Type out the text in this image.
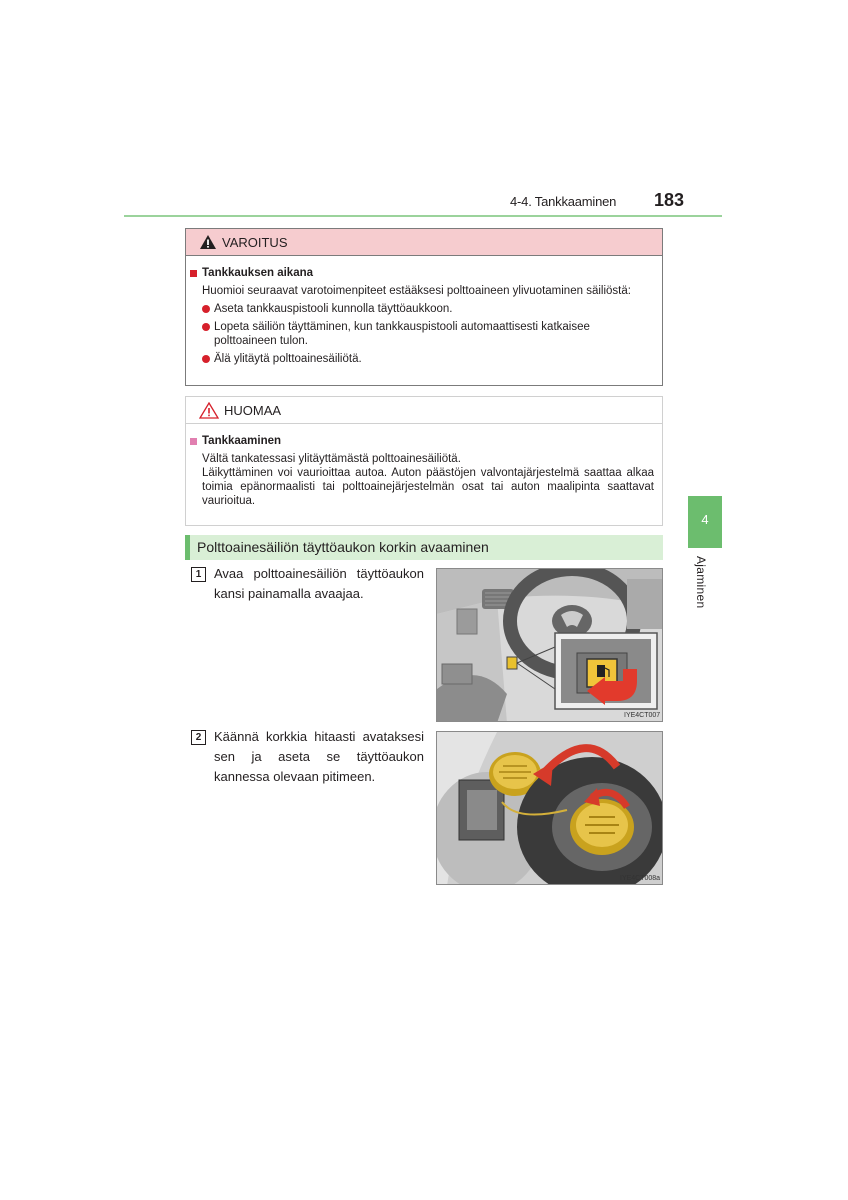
4-4. Tankkaaminen 183
4
Ajaminen
VAROITUS
Tankkauksen aikana
Huomioi seuraavat varotoimenpiteet estääksesi polttoaineen ylivuotaminen säiliöstä:
Aseta tankkauspistooli kunnolla täyttöaukkoon.
Lopeta säiliön täyttäminen, kun tankkauspistooli automaattisesti katkaisee polttoaineen tulon.
Älä ylitäytä polttoainesäiliötä.
HUOMAA
Tankkaaminen
Vältä tankatessasi ylitäyttämästä polttoainesäiliötä.
Läikyttäminen voi vaurioittaa autoa. Auton päästöjen valvontajärjestelmä saattaa alkaa toimia epänormaalisti tai polttoainejärjestelmän osat tai auton maalipinta saattavat vaurioitua.
Polttoainesäiliön täyttöaukon korkin avaaminen
1 Avaa polttoainesäiliön täyttöaukon kansi painamalla avaajaa.
IYE4CT007
2 Käännä korkkia hitaasti avataksesi sen ja aseta se täyttöaukon kannessa olevaan pitimeen.
IYE4CT008a
